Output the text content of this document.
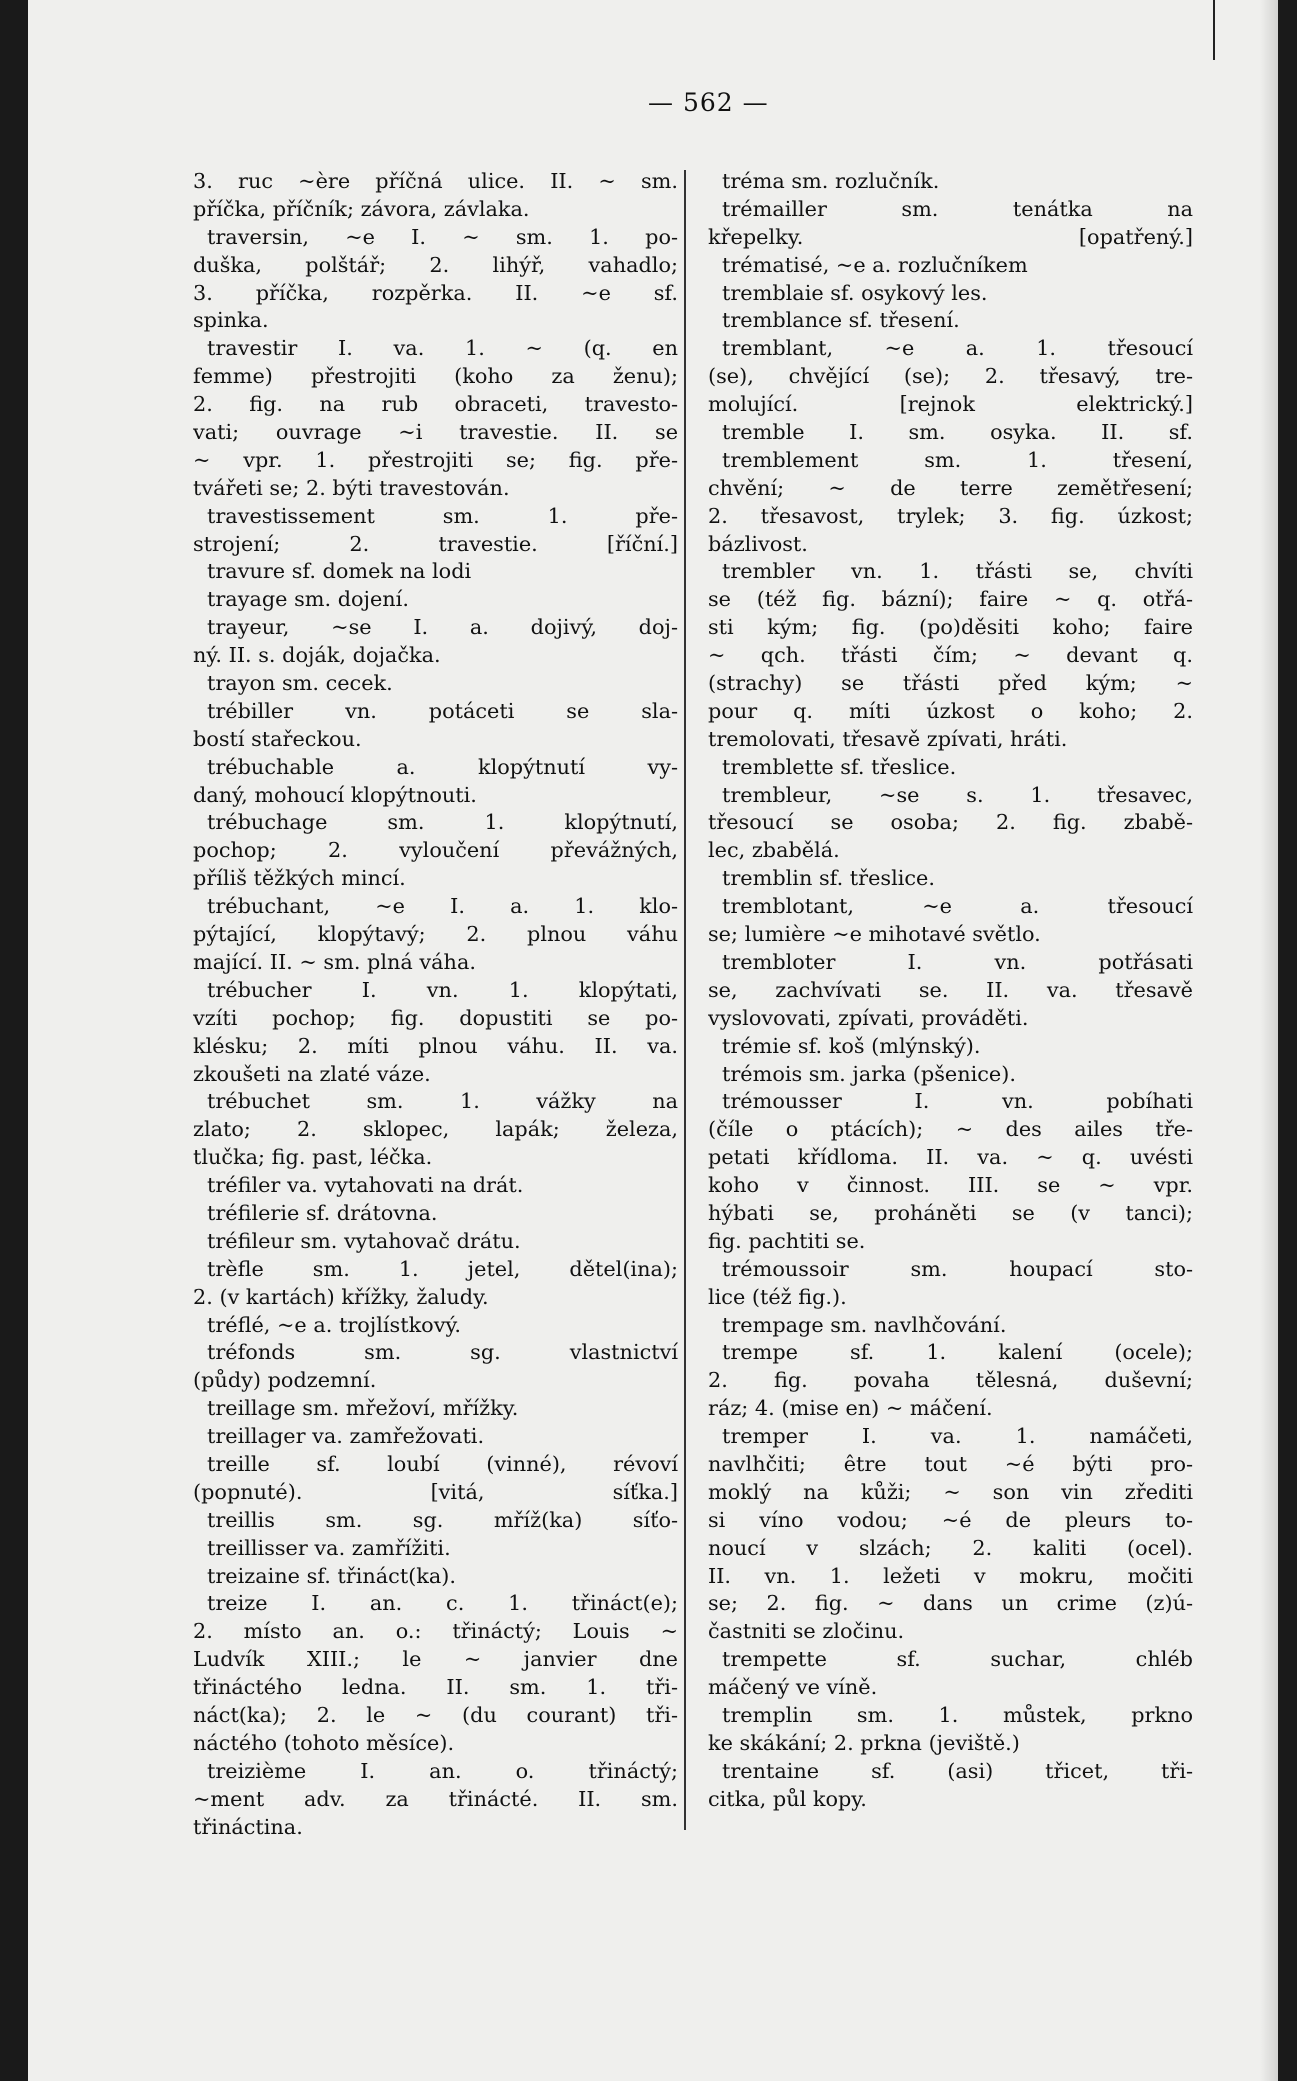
— 562 —
3. ruc ~ère příčná ulice. II. ~ sm.
příčka, příčník; závora, závlaka.
traversin, ~e I. ~ sm. 1. po-
duška, polštář; 2. lihýř, vahadlo;
3. příčka, rozpěrka. II. ~e sf.
spinka.
travestir I. va. 1. ~ (q. en
femme) přestrojiti (koho za ženu);
2. fig. na rub obraceti, travesto-
vati; ouvrage ~i travestie. II. se
~ vpr. 1. přestrojiti se; fig. pře-
tvářeti se; 2. býti travestován.
travestissement sm. 1. pře-
strojení; 2. travestie. [říční.]
travure sf. domek na lodi
trayage sm. dojení.
trayeur, ~se I. a. dojivý, doj-
ný. II. s. doják, dojačka.
trayon sm. cecek.
trébiller vn. potáceti se sla-
bostí stařeckou.
trébuchable a. klopýtnutí vy-
daný, mohoucí klopýtnouti.
trébuchage sm. 1. klopýtnutí,
pochop; 2. vyloučení převážných,
příliš těžkých mincí.
trébuchant, ~e I. a. 1. klo-
pýtající, klopýtavý; 2. plnou váhu
mající. II. ~ sm. plná váha.
trébucher I. vn. 1. klopýtati,
vzíti pochop; fig. dopustiti se po-
klésku; 2. míti plnou váhu. II. va.
zkoušeti na zlaté váze.
trébuchet sm. 1. vážky na
zlato; 2. sklopec, lapák; železa,
tlučka; fig. past, léčka.
tréfiler va. vytahovati na drát.
tréfilerie sf. drátovna.
tréfileur sm. vytahovač drátu.
trèfle sm. 1. jetel, dětel(ina);
2. (v kartách) křížky, žaludy.
tréflé, ~e a. trojlístkový.
tréfonds sm. sg. vlastnictví
(půdy) podzemní.
treillage sm. mřežoví, mřížky.
treillager va. zamřežovati.
treille sf. loubí (vinné), révoví
(popnuté). [vitá, síťka.]
treillis sm. sg. mříž(ka) síťo-
treillisser va. zamřížiti.
treizaine sf. třináct(ka).
treize I. an. c. 1. třináct(e);
2. místo an. o.: třináctý; Louis ~
Ludvík XIII.; le ~ janvier dne
třináctého ledna. II. sm. 1. tři-
náct(ka); 2. le ~ (du courant) tři-
náctého (tohoto měsíce).
treizième I. an. o. třináctý;
~ment adv. za třinácté. II. sm.
třináctina.
tréma sm. rozlučník.
trémailler sm. tenátka na
křepelky. [opatřený.]
trématisé, ~e a. rozlučníkem
tremblaie sf. osykový les.
tremblance sf. třesení.
tremblant, ~e a. 1. třesoucí
(se), chvějící (se); 2. třesavý, tre-
molující. [rejnok elektrický.]
tremble I. sm. osyka. II. sf.
tremblement sm. 1. třesení,
chvění; ~ de terre zemětřesení;
2. třesavost, trylek; 3. fig. úzkost;
bázlivost.
trembler vn. 1. třásti se, chvíti
se (též fig. bázní); faire ~ q. otřá-
sti kým; fig. (po)děsiti koho; faire
~ qch. třásti čím; ~ devant q.
(strachy) se třásti před kým; ~
pour q. míti úzkost o koho; 2.
tremolovati, třesavě zpívati, hráti.
tremblette sf. třeslice.
trembleur, ~se s. 1. třesavec,
třesoucí se osoba; 2. fig. zbabě-
lec, zbabělá.
tremblin sf. třeslice.
tremblotant, ~e a. třesoucí
se; lumière ~e mihotavé světlo.
trembloter I. vn. potřásati
se, zachvívati se. II. va. třesavě
vyslovovati, zpívati, prováděti.
trémie sf. koš (mlýnský).
trémois sm. jarka (pšenice).
trémousser I. vn. pobíhati
(číle o ptácích); ~ des ailes tře-
petati křídloma. II. va. ~ q. uvésti
koho v činnost. III. se ~ vpr.
hýbati se, proháněti se (v tanci);
fig. pachtiti se.
trémoussoir sm. houpací sto-
lice (též fig.).
trempage sm. navlhčování.
trempe sf. 1. kalení (ocele);
2. fig. povaha tělesná, duševní;
ráz; 4. (mise en) ~ máčení.
tremper I. va. 1. namáčeti,
navlhčiti; être tout ~é býti pro-
moklý na kůži; ~ son vin zřediti
si víno vodou; ~é de pleurs to-
noucí v slzách; 2. kaliti (ocel).
II. vn. 1. ležeti v mokru, močiti
se; 2. fig. ~ dans un crime (z)ú-
častniti se zločinu.
trempette sf. suchar, chléb
máčený ve víně.
tremplin sm. 1. můstek, prkno
ke skákání; 2. prkna (jeviště.)
trentaine sf. (asi) třicet, tři-
citka, půl kopy.
